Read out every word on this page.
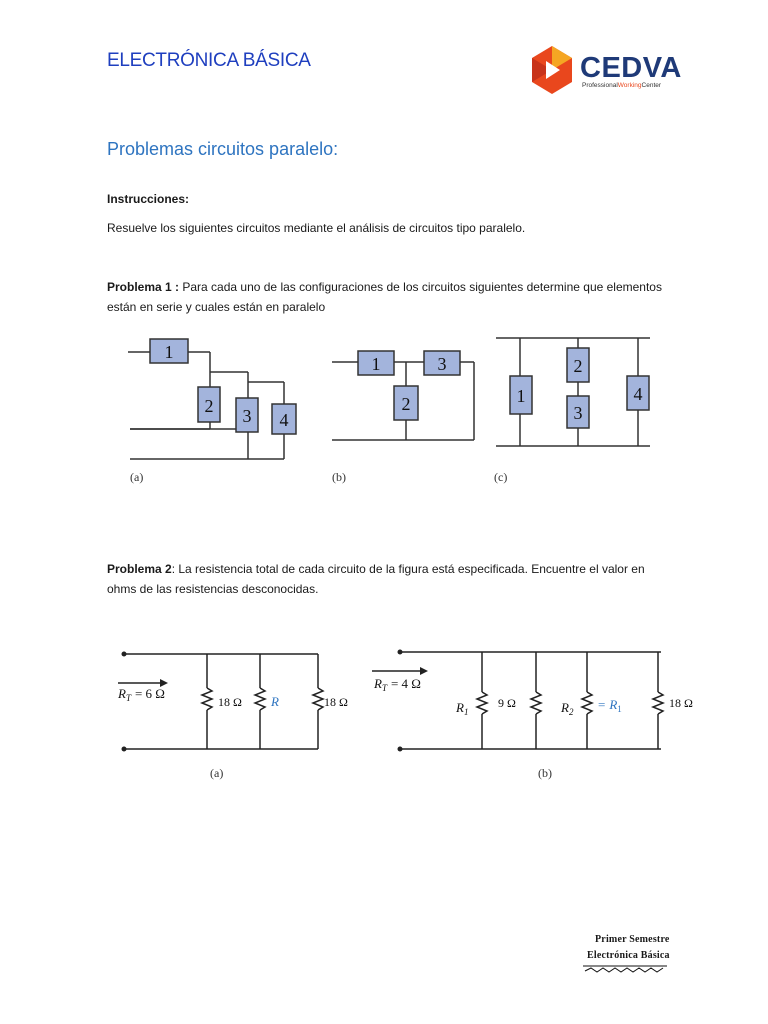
ELECTRÓNICA BÁSICA	CEDVA
ProfessionalWorkingCenter
Problemas circuitos paralelo:
Instrucciones:
Resuelve los siguientes circuitos mediante el análisis de circuitos tipo paralelo.
Problema 1 : Para cada uno de las configuraciones de los circuitos siguientes determine que elementos están en serie y cuales están en paralelo
1
2 3 4
1	3
2	1
2
3
4
(a)	(b)	(c)
Problema 2: La resistencia total de cada circuito de la figura está especificada. Encuentre el valor en ohms de las resistencias desconocidas.
$R_T = 6$ Ω
18 Ω R	18 Ω
(a)
$R_T = 4$ Ω
$R_1$
9 Ω	$R_2 = R_1$	18 Ω
(b)
Primer Semestre
Electrónica Básica
